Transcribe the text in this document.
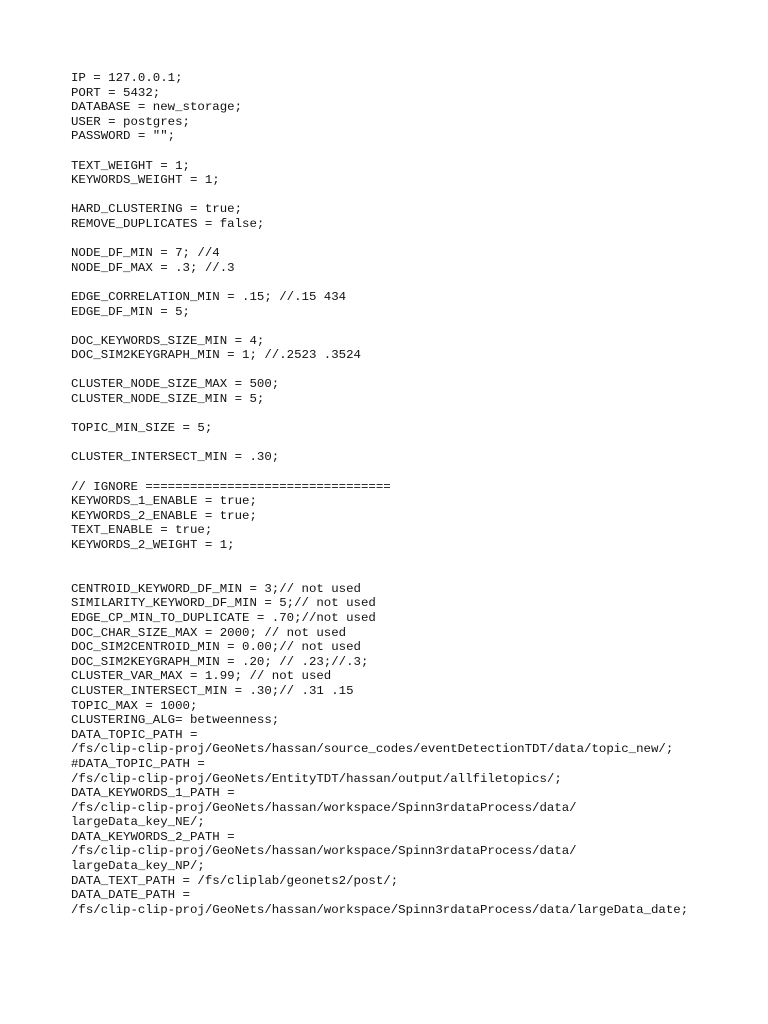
IP = 127.0.0.1;
PORT = 5432;
DATABASE = new_storage;
USER = postgres;
PASSWORD = "";
TEXT_WEIGHT = 1;
KEYWORDS_WEIGHT = 1;
HARD_CLUSTERING = true;
REMOVE_DUPLICATES = false;
NODE_DF_MIN = 7; //4
NODE_DF_MAX = .3; //.3
EDGE_CORRELATION_MIN = .15; //.15 434
EDGE_DF_MIN = 5;
DOC_KEYWORDS_SIZE_MIN = 4;
DOC_SIM2KEYGRAPH_MIN = 1; //.2523 .3524
CLUSTER_NODE_SIZE_MAX = 500;
CLUSTER_NODE_SIZE_MIN = 5;
TOPIC_MIN_SIZE = 5;
CLUSTER_INTERSECT_MIN = .30;
// IGNORE =================================
KEYWORDS_1_ENABLE = true;
KEYWORDS_2_ENABLE = true;
TEXT_ENABLE = true;
KEYWORDS_2_WEIGHT = 1;
CENTROID_KEYWORD_DF_MIN = 3;// not used
SIMILARITY_KEYWORD_DF_MIN = 5;// not used
EDGE_CP_MIN_TO_DUPLICATE = .70;//not used
DOC_CHAR_SIZE_MAX = 2000; // not used
DOC_SIM2CENTROID_MIN = 0.00;// not used
DOC_SIM2KEYGRAPH_MIN = .20; // .23;//.3;
CLUSTER_VAR_MAX = 1.99; // not used
CLUSTER_INTERSECT_MIN = .30;// .31 .15
TOPIC_MAX = 1000;
CLUSTERING_ALG= betweenness;
DATA_TOPIC_PATH =
/fs/clip-clip-proj/GeoNets/hassan/source_codes/eventDetectionTDT/data/topic_new/;
#DATA_TOPIC_PATH =
/fs/clip-clip-proj/GeoNets/EntityTDT/hassan/output/allfiletopics/;
DATA_KEYWORDS_1_PATH =
/fs/clip-clip-proj/GeoNets/hassan/workspace/Spinn3rdataProcess/data/
largeData_key_NE/;
DATA_KEYWORDS_2_PATH =
/fs/clip-clip-proj/GeoNets/hassan/workspace/Spinn3rdataProcess/data/
largeData_key_NP/;
DATA_TEXT_PATH = /fs/cliplab/geonets2/post/;
DATA_DATE_PATH =
/fs/clip-clip-proj/GeoNets/hassan/workspace/Spinn3rdataProcess/data/largeData_date;
